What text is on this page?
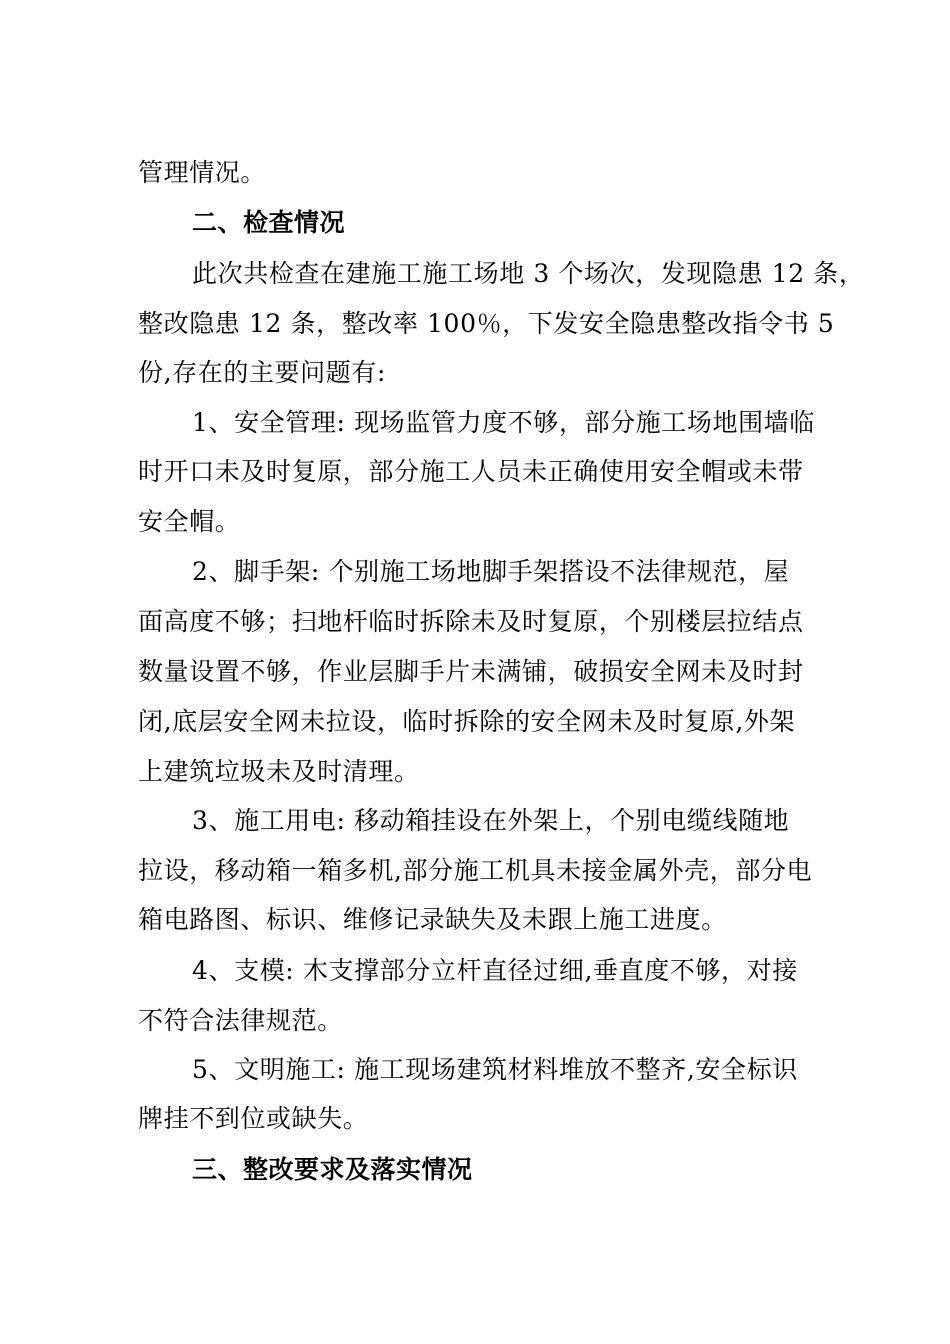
管理情况。
二、检查情况
此次共检查在建施工施工场地 3 个场次，发现隐患 12 条，
整改隐患 12 条，整改率 100％，下发安全隐患整改指令书 5
份,存在的主要问题有:
1、安全管理: 现场监管力度不够，部分施工场地围墙临
时开口未及时复原，部分施工人员未正确使用安全帽或未带
安全帽。
2、脚手架: 个别施工场地脚手架搭设不法律规范，屋
面高度不够；扫地杆临时拆除未及时复原，个别楼层拉结点
数量设置不够，作业层脚手片未满铺，破损安全网未及时封
闭,底层安全网未拉设，临时拆除的安全网未及时复原,外架
上建筑垃圾未及时清理。
3、施工用电: 移动箱挂设在外架上，个别电缆线随地
拉设，移动箱一箱多机,部分施工机具未接金属外壳，部分电
箱电路图、标识、维修记录缺失及未跟上施工进度。
4、支模: 木支撑部分立杆直径过细,垂直度不够，对接
不符合法律规范。
5、文明施工: 施工现场建筑材料堆放不整齐,安全标识
牌挂不到位或缺失。
三、整改要求及落实情况
